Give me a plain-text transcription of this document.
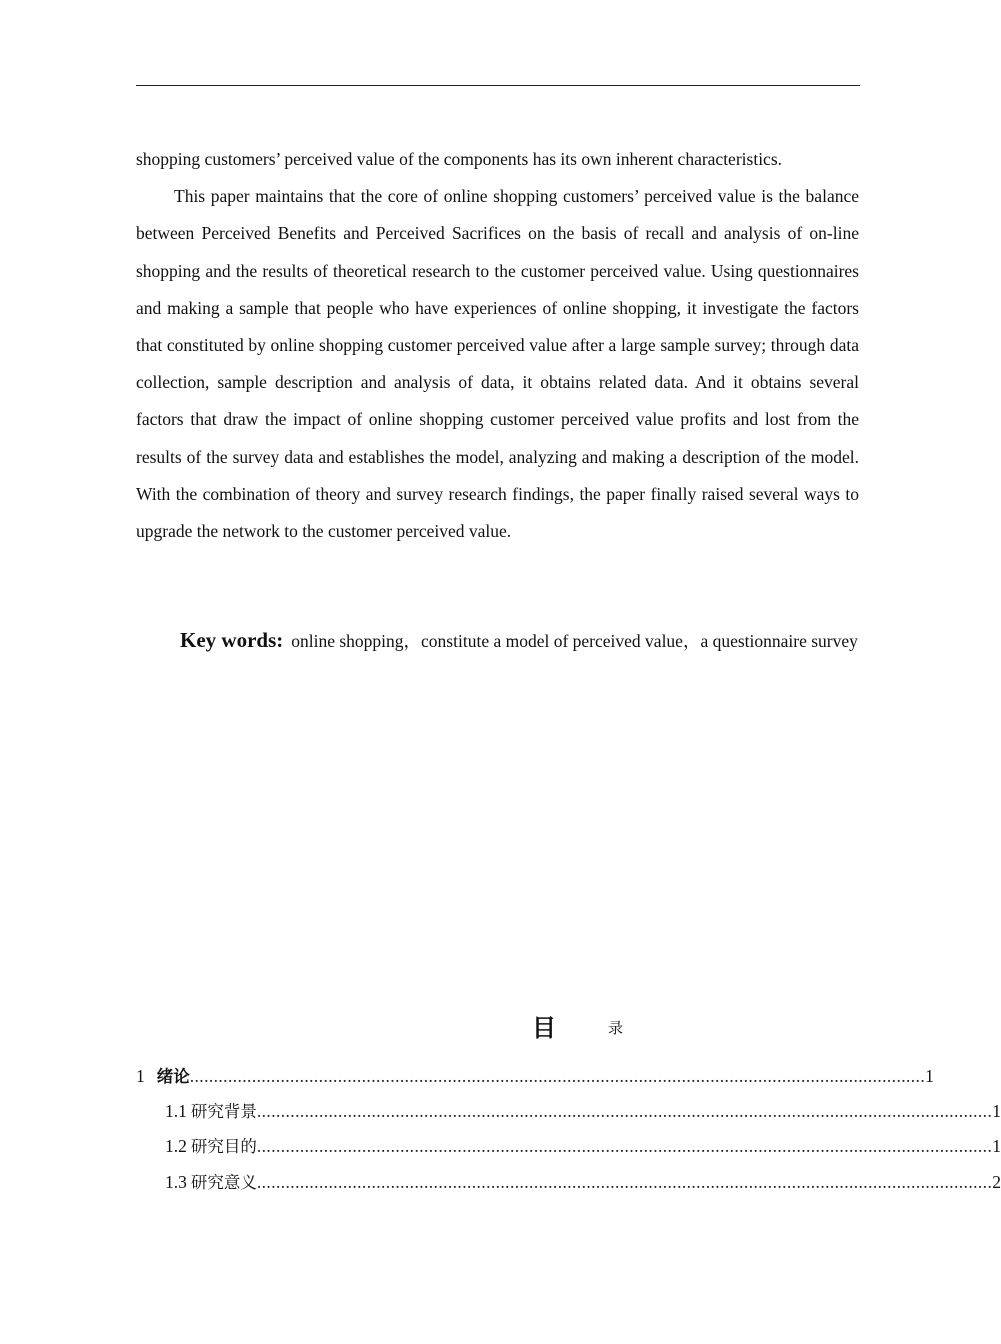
shopping customers’ perceived value of the components has its own inherent characteristics.

This paper maintains that the core of online shopping customers’ perceived value is the balance between Perceived Benefits and Perceived Sacrifices on the basis of recall and analysis of on-line shopping and the results of theoretical research to the customer perceived value. Using questionnaires and making a sample that people who have experiences of online shopping, it investigate the factors that constituted by online shopping customer perceived value after a large sample survey; through data collection, sample description and analysis of data, it obtains related data. And it obtains several factors that draw the impact of online shopping customer perceived value profits and lost from the results of the survey data and establishes the model, analyzing and making a description of the model. With the combination of theory and survey research findings, the paper finally raised several ways to upgrade the network to the customer perceived value.

Key words: online shopping，constitute a model of perceived value，a questionnaire survey
目	录
1 绪论 .......................................................................................................................................................... 1
1.1 研究背景 .......................................................................................................................................................... 1
1.2 研究目的 .......................................................................................................................................................... 1
1.3 研究意义 .......................................................................................................................................................... 2
